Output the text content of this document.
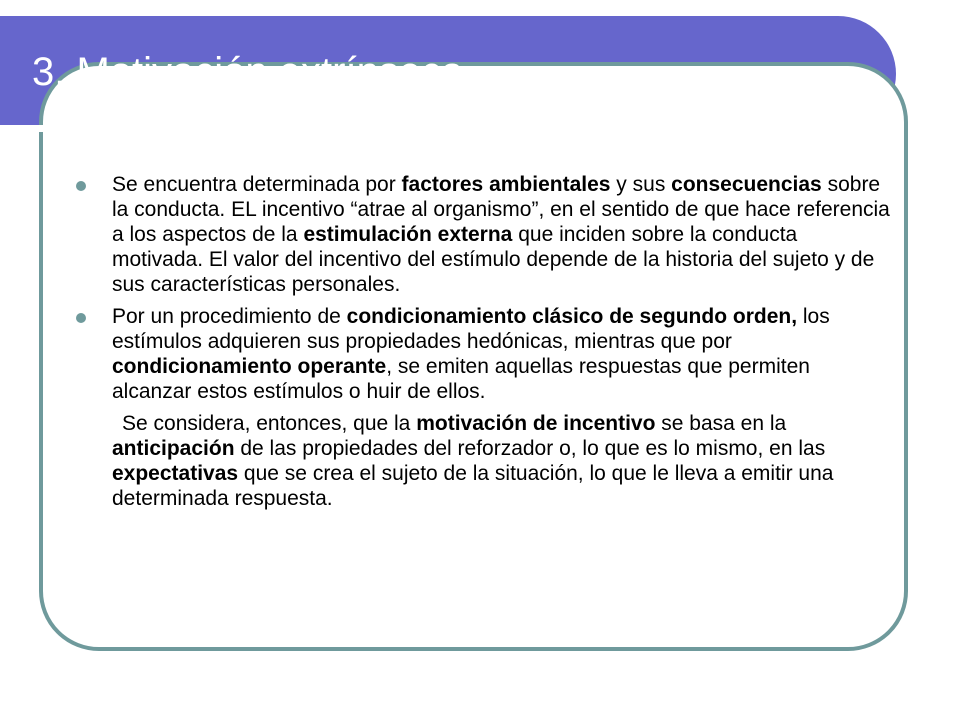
3. Motivación extrínseca

Se encuentra determinada por factores ambientales y sus consecuencias sobre la conducta. EL incentivo “atrae al organismo”, en el sentido de que hace referencia a los aspectos de la estimulación externa que inciden sobre la conducta motivada. El valor del incentivo del estímulo depende de la historia del sujeto y de sus características personales.

Por un procedimiento de condicionamiento clásico de segundo orden, los estímulos adquieren sus propiedades hedónicas, mientras que por condicionamiento operante, se emiten aquellas respuestas que permiten alcanzar estos estímulos o huir de ellos.

Se considera, entonces, que la motivación de incentivo se basa en la anticipación de las propiedades del reforzador o, lo que es lo mismo, en las expectativas que se crea el sujeto de la situación, lo que le lleva a emitir una determinada respuesta.
